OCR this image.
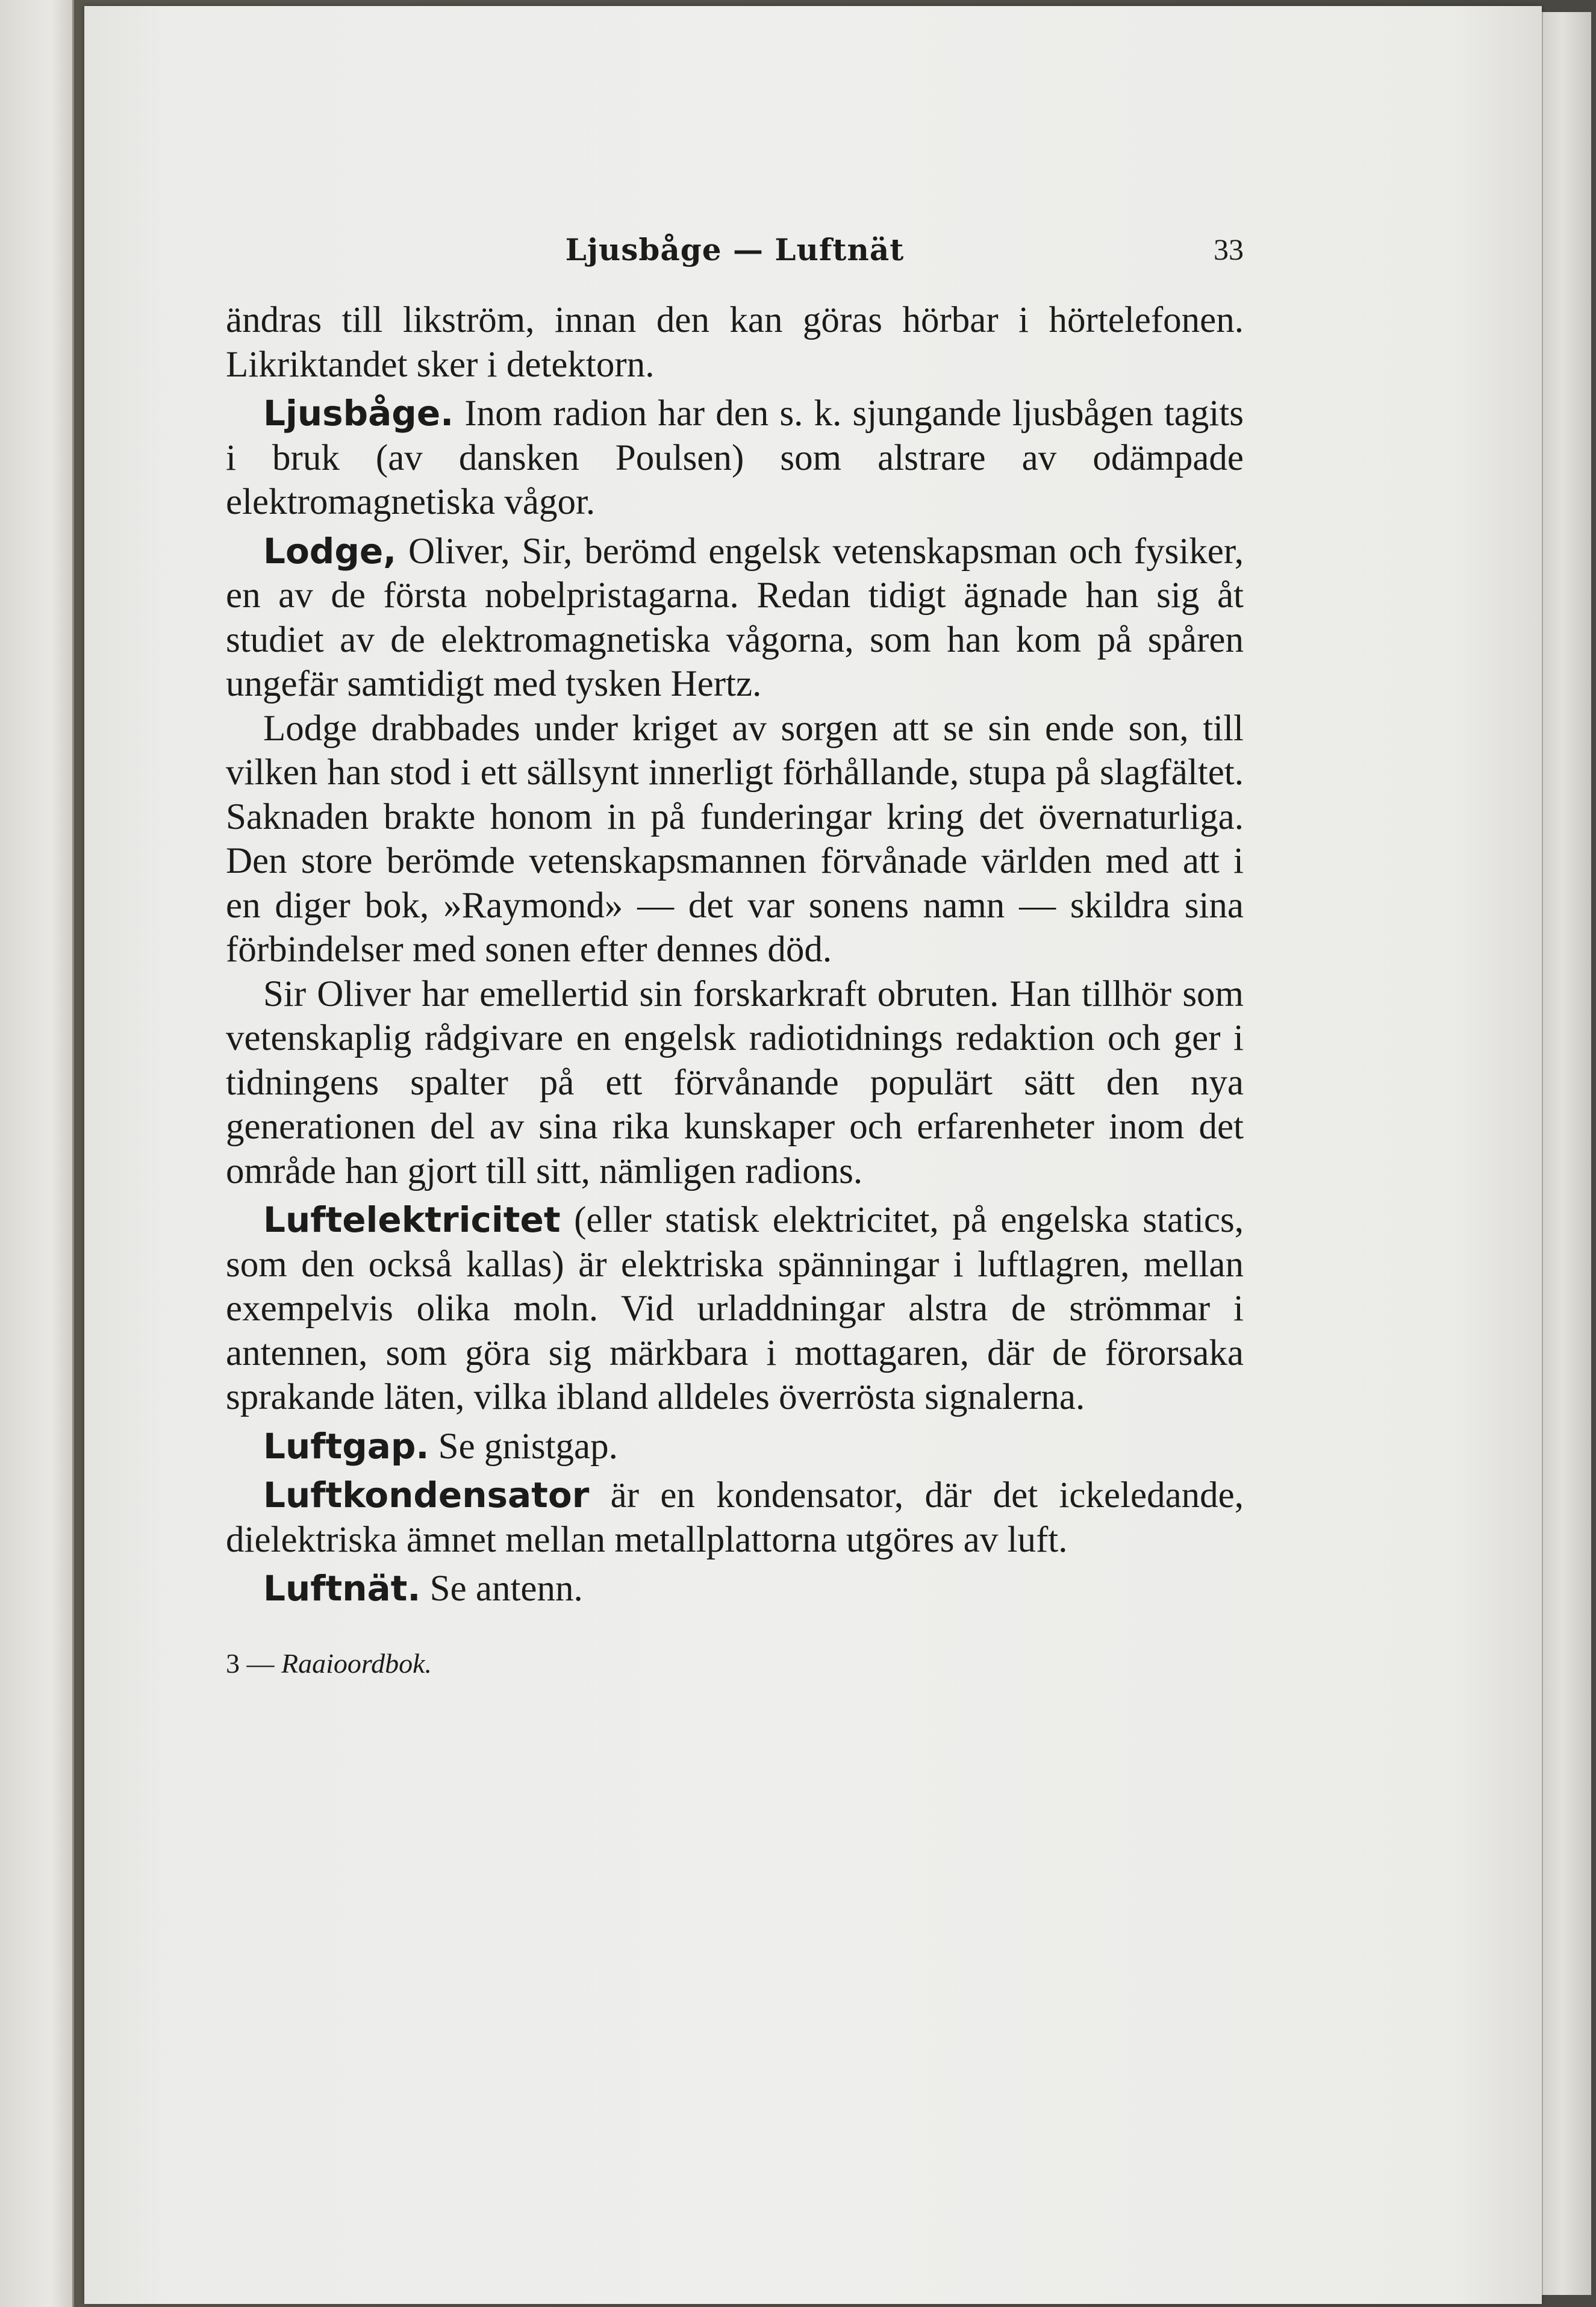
Ljusbåge — Luftnät	33

ändras till likström, innan den kan göras hörbar i hörtelefonen. Likriktandet sker i detektorn.

Ljusbåge. Inom radion har den s. k. sjungande ljusbågen tagits i bruk (av dansken Poulsen) som alstrare av odämpade elektromagnetiska vågor.

Lodge, Oliver, Sir, berömd engelsk vetenskapsman och fysiker, en av de första nobelpristagarna. Redan tidigt ägnade han sig åt studiet av de elektromagnetiska vågorna, som han kom på spåren ungefär samtidigt med tysken Hertz.

Lodge drabbades under kriget av sorgen att se sin ende son, till vilken han stod i ett sällsynt innerligt förhållande, stupa på slagfältet. Saknaden brakte honom in på funderingar kring det övernaturliga. Den store berömde vetenskapsmannen förvånade världen med att i en diger bok, »Raymond» — det var sonens namn — skildra sina förbindelser med sonen efter dennes död.

Sir Oliver har emellertid sin forskarkraft obruten. Han tillhör som vetenskaplig rådgivare en engelsk radiotidnings redaktion och ger i tidningens spalter på ett förvånande populärt sätt den nya generationen del av sina rika kunskaper och erfarenheter inom det område han gjort till sitt, nämligen radions.

Luftelektricitet (eller statisk elektricitet, på engelska statics, som den också kallas) är elektriska spänningar i luftlagren, mellan exempelvis olika moln. Vid urladdningar alstra de strömmar i antennen, som göra sig märkbara i mottagaren, där de förorsaka sprakande läten, vilka ibland alldeles överrösta signalerna.

Luftgap. Se gnistgap.

Luftkondensator är en kondensator, där det ickeledande, dielektriska ämnet mellan metallplattorna utgöres av luft.

Luftnät. Se antenn.

3 — Raaioordbok.
